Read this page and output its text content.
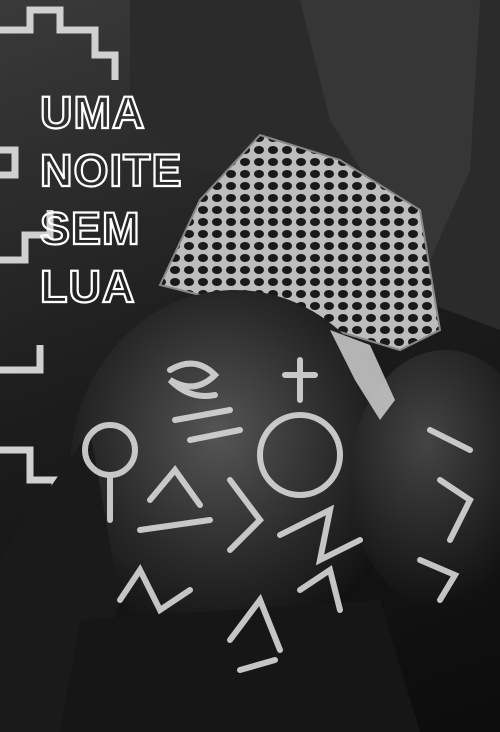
UMA
NOITE
SEM
LUA
